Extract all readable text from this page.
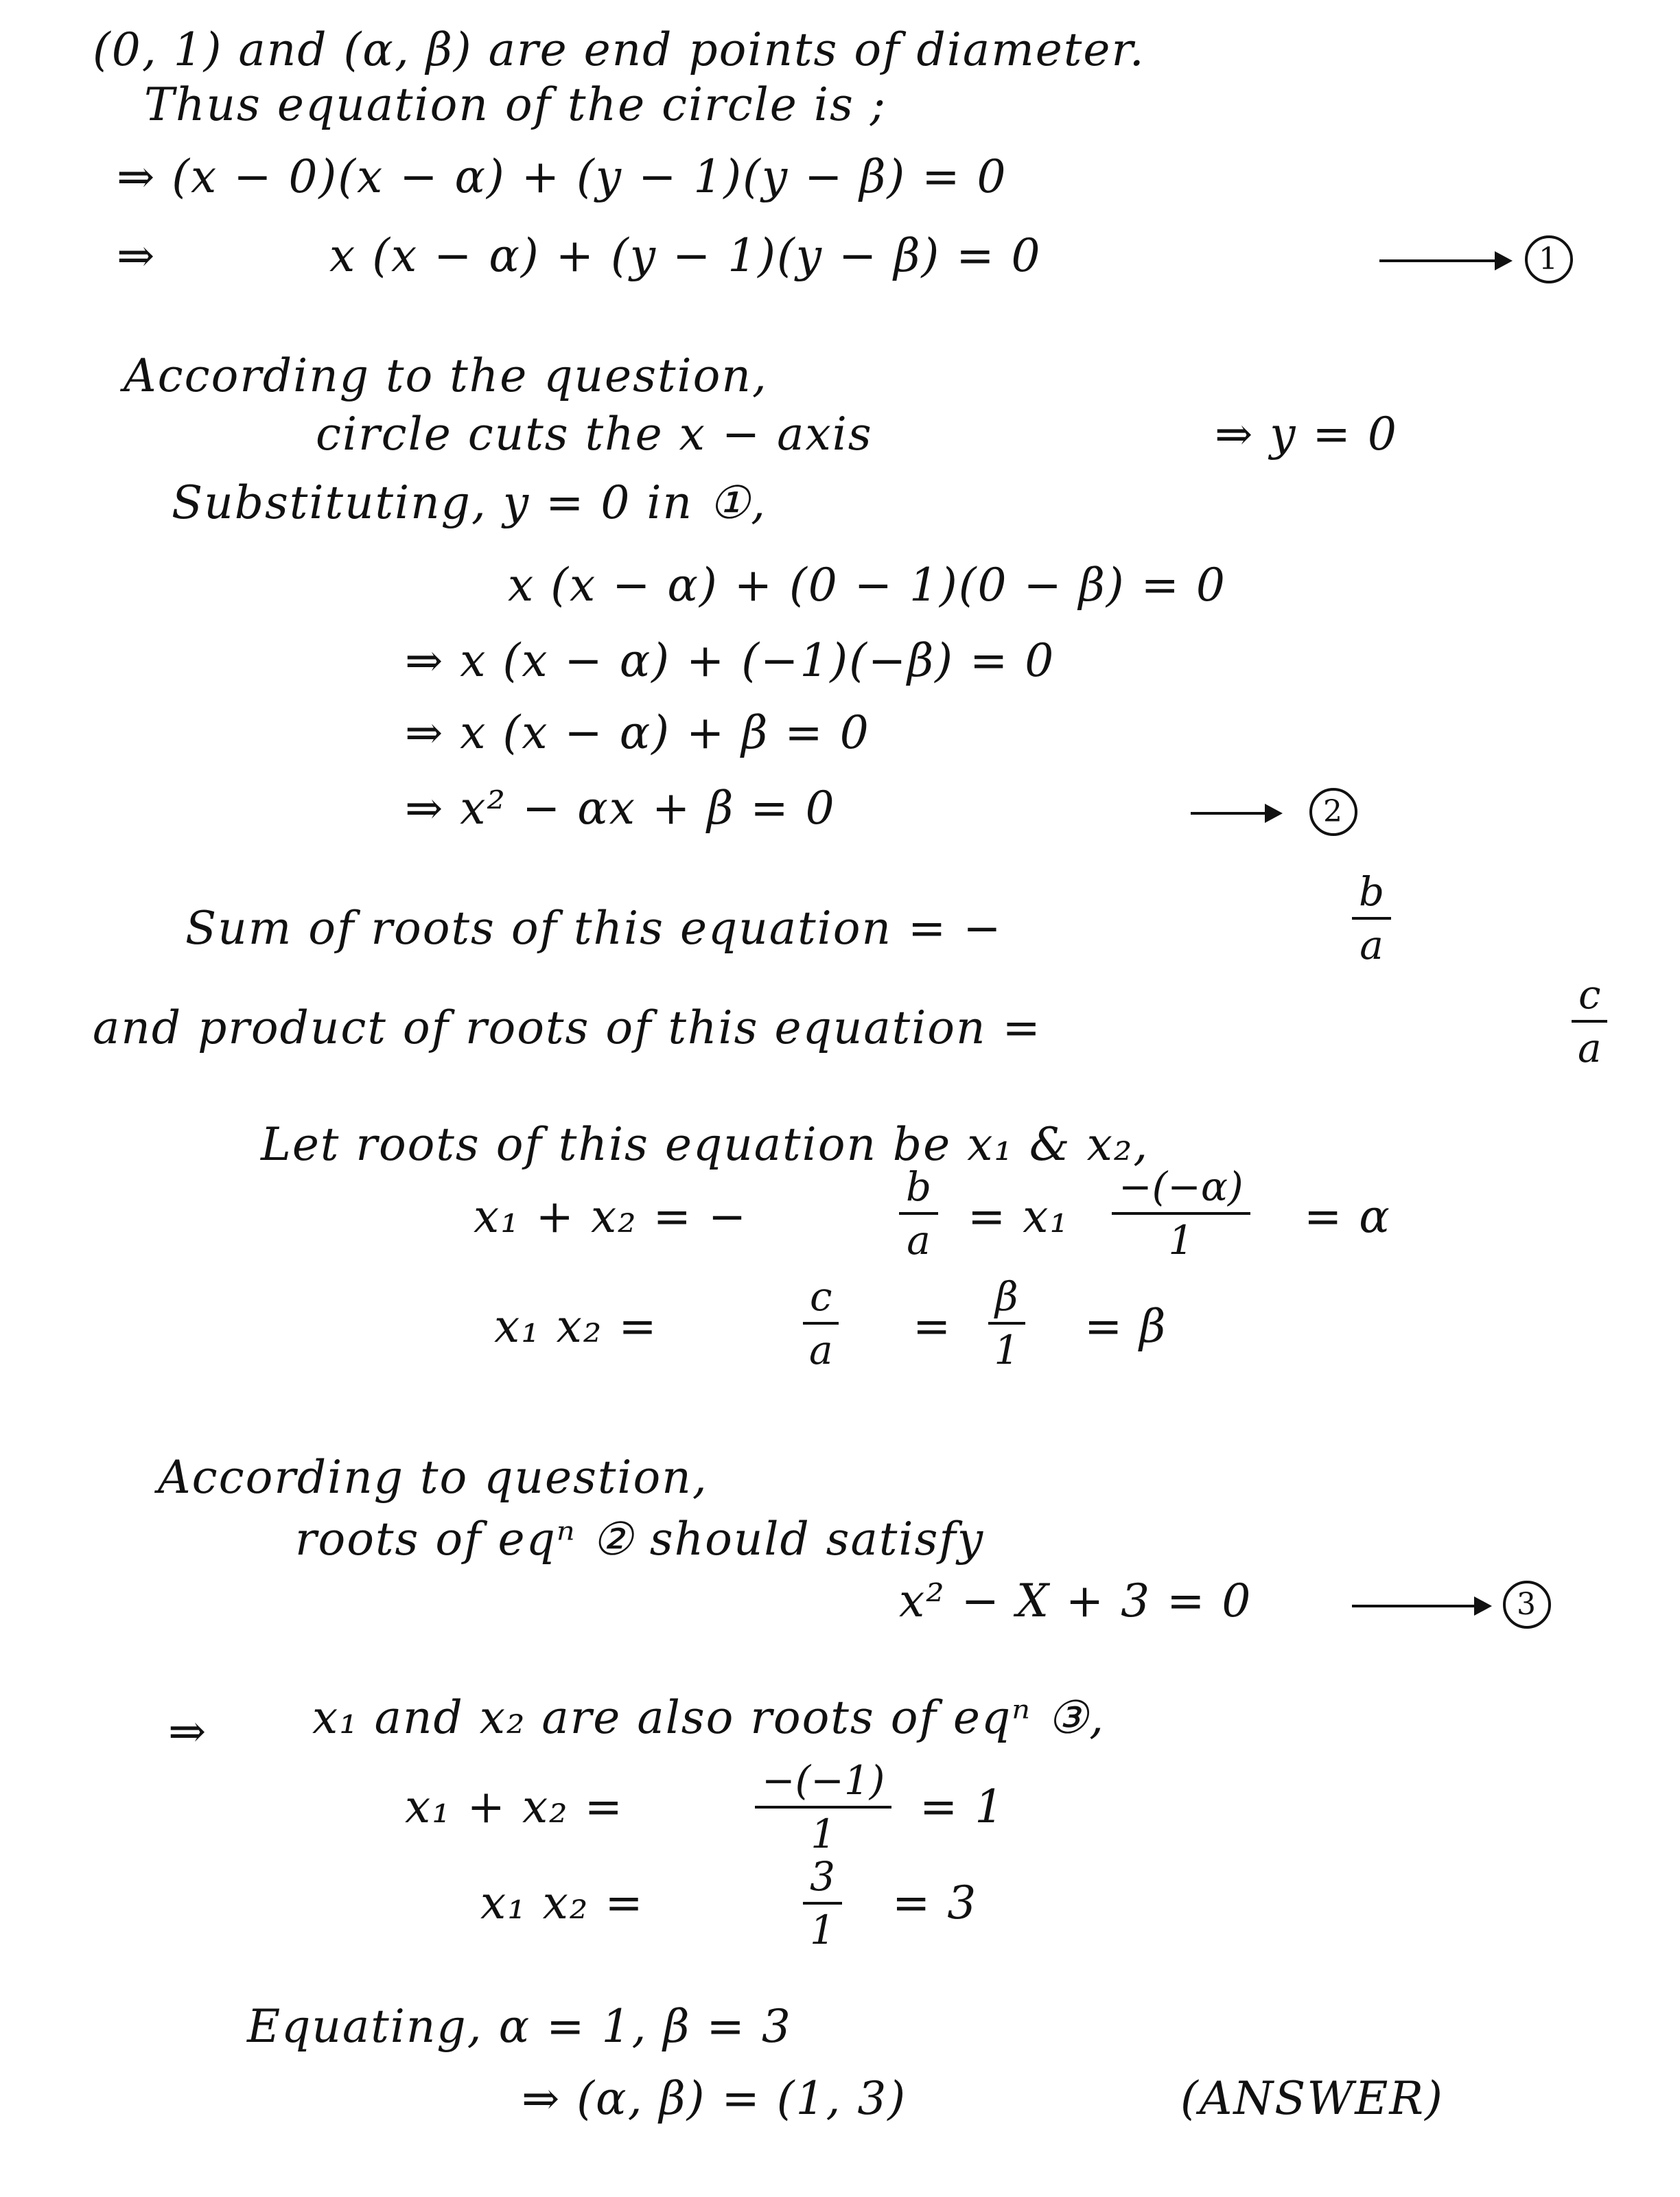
(0, 1) and (α, β) are end points of diameter.
Thus equation of the circle is ;
⇒ (x − 0)(x − α) + (y − 1)(y − β) = 0
⇒	x (x − α) + (y − 1)(y − β) = 0	1
According to the question,
circle cuts the x − axis	⇒ y = 0
Substituting, y = 0 in ①,
x (x − α) + (0 − 1)(0 − β) = 0
⇒ x (x − α) + (−1)(−β) = 0
⇒ x (x − α) + β = 0
⇒ x² − αx + β = 0	2
Sum of roots of this equation = −	$\frac{b}{a}$
and product of roots of this equation =	$\frac{c}{a}$
Let roots of this equation be x₁ & x₂,
x₁ + x₂ = −	$\frac{b}{a} = x_1 \frac{-(-\alpha)}{1} = \alpha$
x₁ x₂ =	$\frac{c}{a} = \frac{\beta}{1} = \beta$
According to question,
roots of eqⁿ ② should satisfy
x² − X + 3 = 0	3
⇒ x₁ and x₂ are also roots of eqⁿ ③,
x₁ + x₂ =	$\frac{-(-1)}{1} = 1$
x₁ x₂ =	$\frac{3}{1} = 3$
Equating, α = 1, β = 3
⇒ (α, β) = (1, 3)	(ANSWER)
